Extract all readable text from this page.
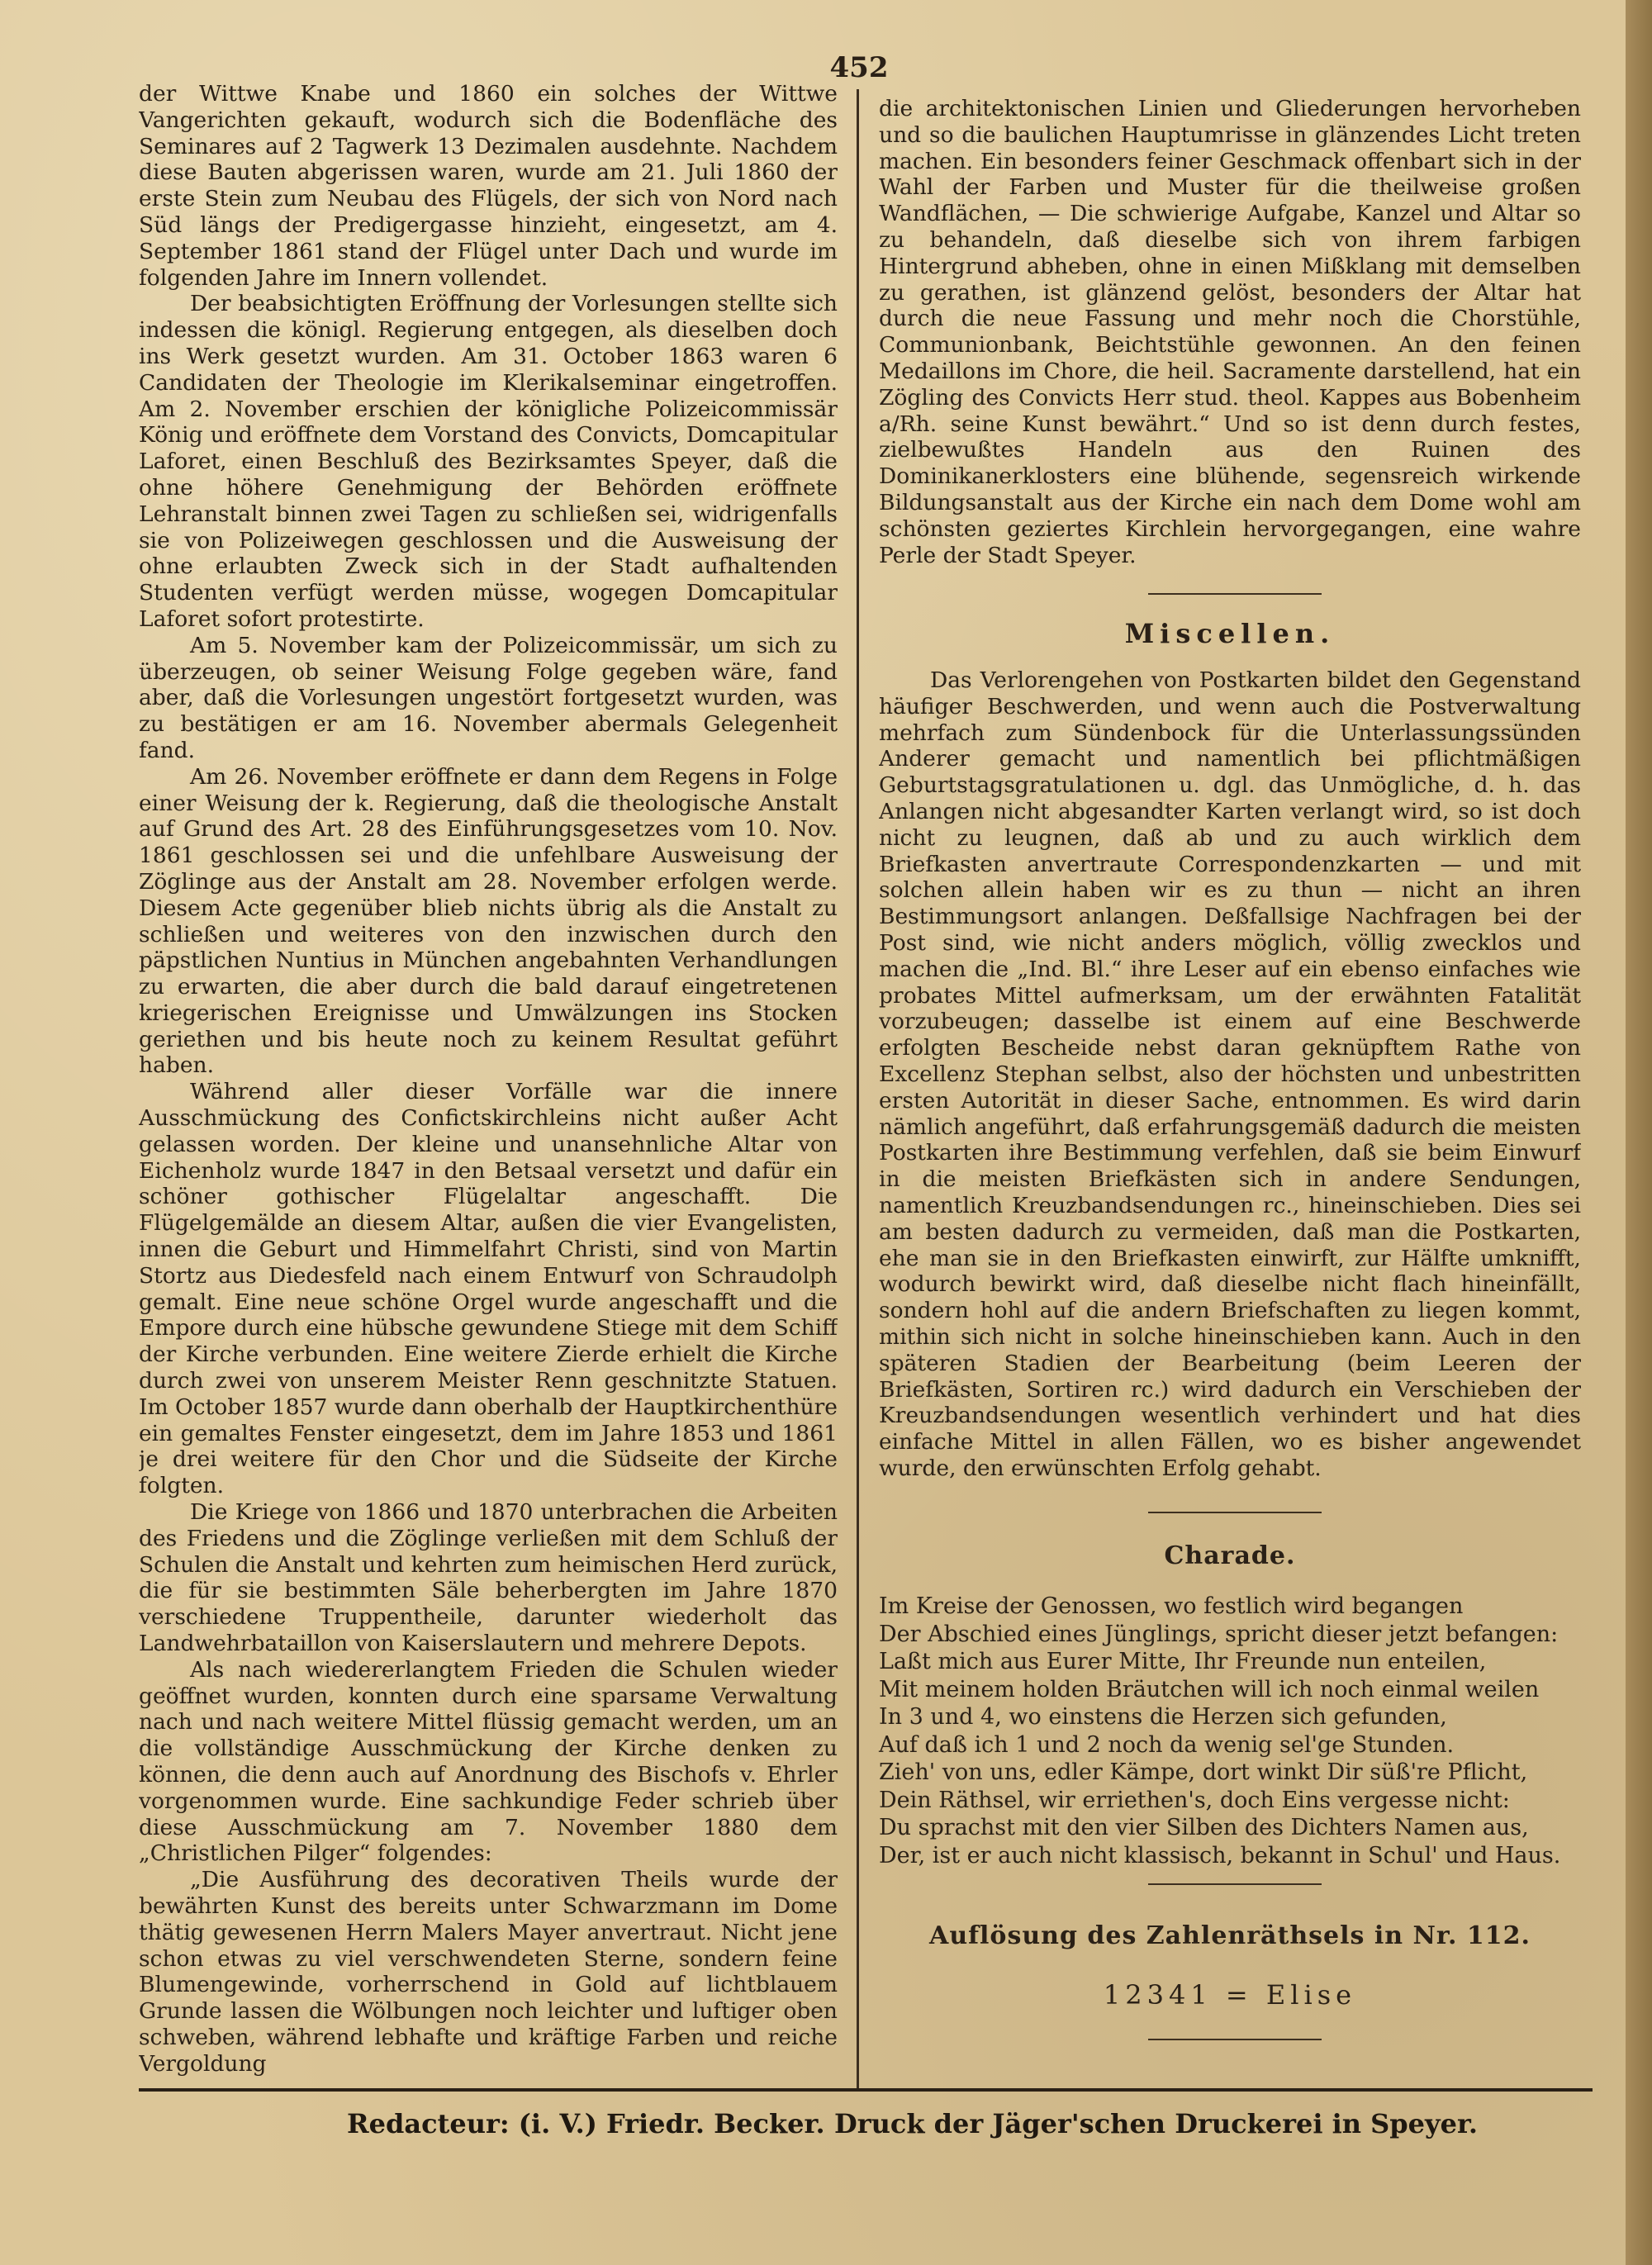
452

der Wittwe Knabe und 1860 ein solches der Wittwe Vangerichten gekauft, wodurch sich die Bodenfläche des Seminares auf 2 Tagwerk 13 Dezimalen ausdehnte. Nachdem diese Bauten abgerissen waren, wurde am 21. Juli 1860 der erste Stein zum Neubau des Flügels, der sich von Nord nach Süd längs der Predigergasse hinzieht, eingesetzt, am 4. September 1861 stand der Flügel unter Dach und wurde im folgenden Jahre im Innern vollendet.

Der beabsichtigten Eröffnung der Vorlesungen stellte sich indessen die königl. Regierung entgegen, als dieselben doch ins Werk gesetzt wurden. Am 31. October 1863 waren 6 Candidaten der Theologie im Klerikalseminar eingetroffen. Am 2. November erschien der königliche Polizeicommissär König und eröffnete dem Vorstand des Convicts, Domcapitular Laforet, einen Beschluß des Bezirksamtes Speyer, daß die ohne höhere Genehmigung der Behörden eröffnete Lehranstalt binnen zwei Tagen zu schließen sei, widrigenfalls sie von Polizeiwegen geschlossen und die Ausweisung der ohne erlaubten Zweck sich in der Stadt aufhaltenden Studenten verfügt werden müsse, wogegen Domcapitular Laforet sofort protestirte.

Am 5. November kam der Polizeicommissär, um sich zu überzeugen, ob seiner Weisung Folge gegeben wäre, fand aber, daß die Vorlesungen ungestört fortgesetzt wurden, was zu bestätigen er am 16. November abermals Gelegenheit fand.

Am 26. November eröffnete er dann dem Regens in Folge einer Weisung der k. Regierung, daß die theologische Anstalt auf Grund des Art. 28 des Einführungsgesetzes vom 10. Nov. 1861 geschlossen sei und die unfehlbare Ausweisung der Zöglinge aus der Anstalt am 28. November erfolgen werde. Diesem Acte gegenüber blieb nichts übrig als die Anstalt zu schließen und weiteres von den inzwischen durch den päpstlichen Nuntius in München angebahnten Verhandlungen zu erwarten, die aber durch die bald darauf eingetretenen kriegerischen Ereignisse und Umwälzungen ins Stocken geriethen und bis heute noch zu keinem Resultat geführt haben.

Während aller dieser Vorfälle war die innere Ausschmückung des Confictskirchleins nicht außer Acht gelassen worden. Der kleine und unansehnliche Altar von Eichenholz wurde 1847 in den Betsaal versetzt und dafür ein schöner gothischer Flügelaltar angeschafft. Die Flügelgemälde an diesem Altar, außen die vier Evangelisten, innen die Geburt und Himmelfahrt Christi, sind von Martin Stortz aus Diedesfeld nach einem Entwurf von Schraudolph gemalt. Eine neue schöne Orgel wurde angeschafft und die Empore durch eine hübsche gewundene Stiege mit dem Schiff der Kirche verbunden. Eine weitere Zierde erhielt die Kirche durch zwei von unserem Meister Renn geschnitzte Statuen. Im October 1857 wurde dann oberhalb der Hauptkirchenthüre ein gemaltes Fenster eingesetzt, dem im Jahre 1853 und 1861 je drei weitere für den Chor und die Südseite der Kirche folgten.

Die Kriege von 1866 und 1870 unterbrachen die Arbeiten des Friedens und die Zöglinge verließen mit dem Schluß der Schulen die Anstalt und kehrten zum heimischen Herd zurück, die für sie bestimmten Säle beherbergten im Jahre 1870 verschiedene Truppentheile, darunter wiederholt das Landwehrbataillon von Kaiserslautern und mehrere Depots.

Als nach wiedererlangtem Frieden die Schulen wieder geöffnet wurden, konnten durch eine sparsame Verwaltung nach und nach weitere Mittel flüssig gemacht werden, um an die vollständige Ausschmückung der Kirche denken zu können, die denn auch auf Anordnung des Bischofs v. Ehrler vorgenommen wurde. Eine sachkundige Feder schrieb über diese Ausschmückung am 7. November 1880 dem „Christlichen Pilger“ folgendes:

„Die Ausführung des decorativen Theils wurde der bewährten Kunst des bereits unter Schwarzmann im Dome thätig gewesenen Herrn Malers Mayer anvertraut. Nicht jene schon etwas zu viel verschwendeten Sterne, sondern feine Blumengewinde, vorherrschend in Gold auf lichtblauem Grunde lassen die Wölbungen noch leichter und luftiger oben schweben, während lebhafte und kräftige Farben und reiche Vergoldung

die architektonischen Linien und Gliederungen hervorheben und so die baulichen Hauptumrisse in glänzendes Licht treten machen. Ein besonders feiner Geschmack offenbart sich in der Wahl der Farben und Muster für die theilweise großen Wandflächen, — Die schwierige Aufgabe, Kanzel und Altar so zu behandeln, daß dieselbe sich von ihrem farbigen Hintergrund abheben, ohne in einen Mißklang mit demselben zu gerathen, ist glänzend gelöst, besonders der Altar hat durch die neue Fassung und mehr noch die Chorstühle, Communionbank, Beichtstühle gewonnen. An den feinen Medaillons im Chore, die heil. Sacramente darstellend, hat ein Zögling des Convicts Herr stud. theol. Kappes aus Bobenheim a/Rh. seine Kunst bewährt.“ Und so ist denn durch festes, zielbewußtes Handeln aus den Ruinen des Dominikanerklosters eine blühende, segensreich wirkende Bildungsanstalt aus der Kirche ein nach dem Dome wohl am schönsten geziertes Kirchlein hervorgegangen, eine wahre Perle der Stadt Speyer.

Miscellen.

Das Verlorengehen von Postkarten bildet den Gegenstand häufiger Beschwerden, und wenn auch die Postverwaltung mehrfach zum Sündenbock für die Unterlassungssünden Anderer gemacht und namentlich bei pflichtmäßigen Geburtstagsgratulationen u. dgl. das Unmögliche, d. h. das Anlangen nicht abgesandter Karten verlangt wird, so ist doch nicht zu leugnen, daß ab und zu auch wirklich dem Briefkasten anvertraute Correspondenzkarten — und mit solchen allein haben wir es zu thun — nicht an ihren Bestimmungsort anlangen. Deßfallsige Nachfragen bei der Post sind, wie nicht anders möglich, völlig zwecklos und machen die „Ind. Bl.“ ihre Leser auf ein ebenso einfaches wie probates Mittel aufmerksam, um der erwähnten Fatalität vorzubeugen; dasselbe ist einem auf eine Beschwerde erfolgten Bescheide nebst daran geknüpftem Rathe von Excellenz Stephan selbst, also der höchsten und unbestritten ersten Autorität in dieser Sache, entnommen. Es wird darin nämlich angeführt, daß erfahrungsgemäß dadurch die meisten Postkarten ihre Bestimmung verfehlen, daß sie beim Einwurf in die meisten Briefkästen sich in andere Sendungen, namentlich Kreuzbandsendungen rc., hineinschieben. Dies sei am besten dadurch zu vermeiden, daß man die Postkarten, ehe man sie in den Briefkasten einwirft, zur Hälfte umknifft, wodurch bewirkt wird, daß dieselbe nicht flach hineinfällt, sondern hohl auf die andern Briefschaften zu liegen kommt, mithin sich nicht in solche hineinschieben kann. Auch in den späteren Stadien der Bearbeitung (beim Leeren der Briefkästen, Sortiren rc.) wird dadurch ein Verschieben der Kreuzbandsendungen wesentlich verhindert und hat dies einfache Mittel in allen Fällen, wo es bisher angewendet wurde, den erwünschten Erfolg gehabt.

Charade.
Im Kreise der Genossen, wo festlich wird begangen
Der Abschied eines Jünglings, spricht dieser jetzt befangen:
Laßt mich aus Eurer Mitte, Ihr Freunde nun enteilen,
Mit meinem holden Bräutchen will ich noch einmal weilen
In 3 und 4, wo einstens die Herzen sich gefunden,
Auf daß ich 1 und 2 noch da wenig sel'ge Stunden.
Zieh' von uns, edler Kämpe, dort winkt Dir süß're Pflicht,
Dein Räthsel, wir erriethen's, doch Eins vergesse nicht:
Du sprachst mit den vier Silben des Dichters Namen aus,
Der, ist er auch nicht klassisch, bekannt in Schul' und Haus.
Auflösung des Zahlenräthsels in Nr. 112.
12341 = Elise
Redacteur: (i. V.) Friedr. Becker. Druck der Jäger'schen Druckerei in Speyer.
